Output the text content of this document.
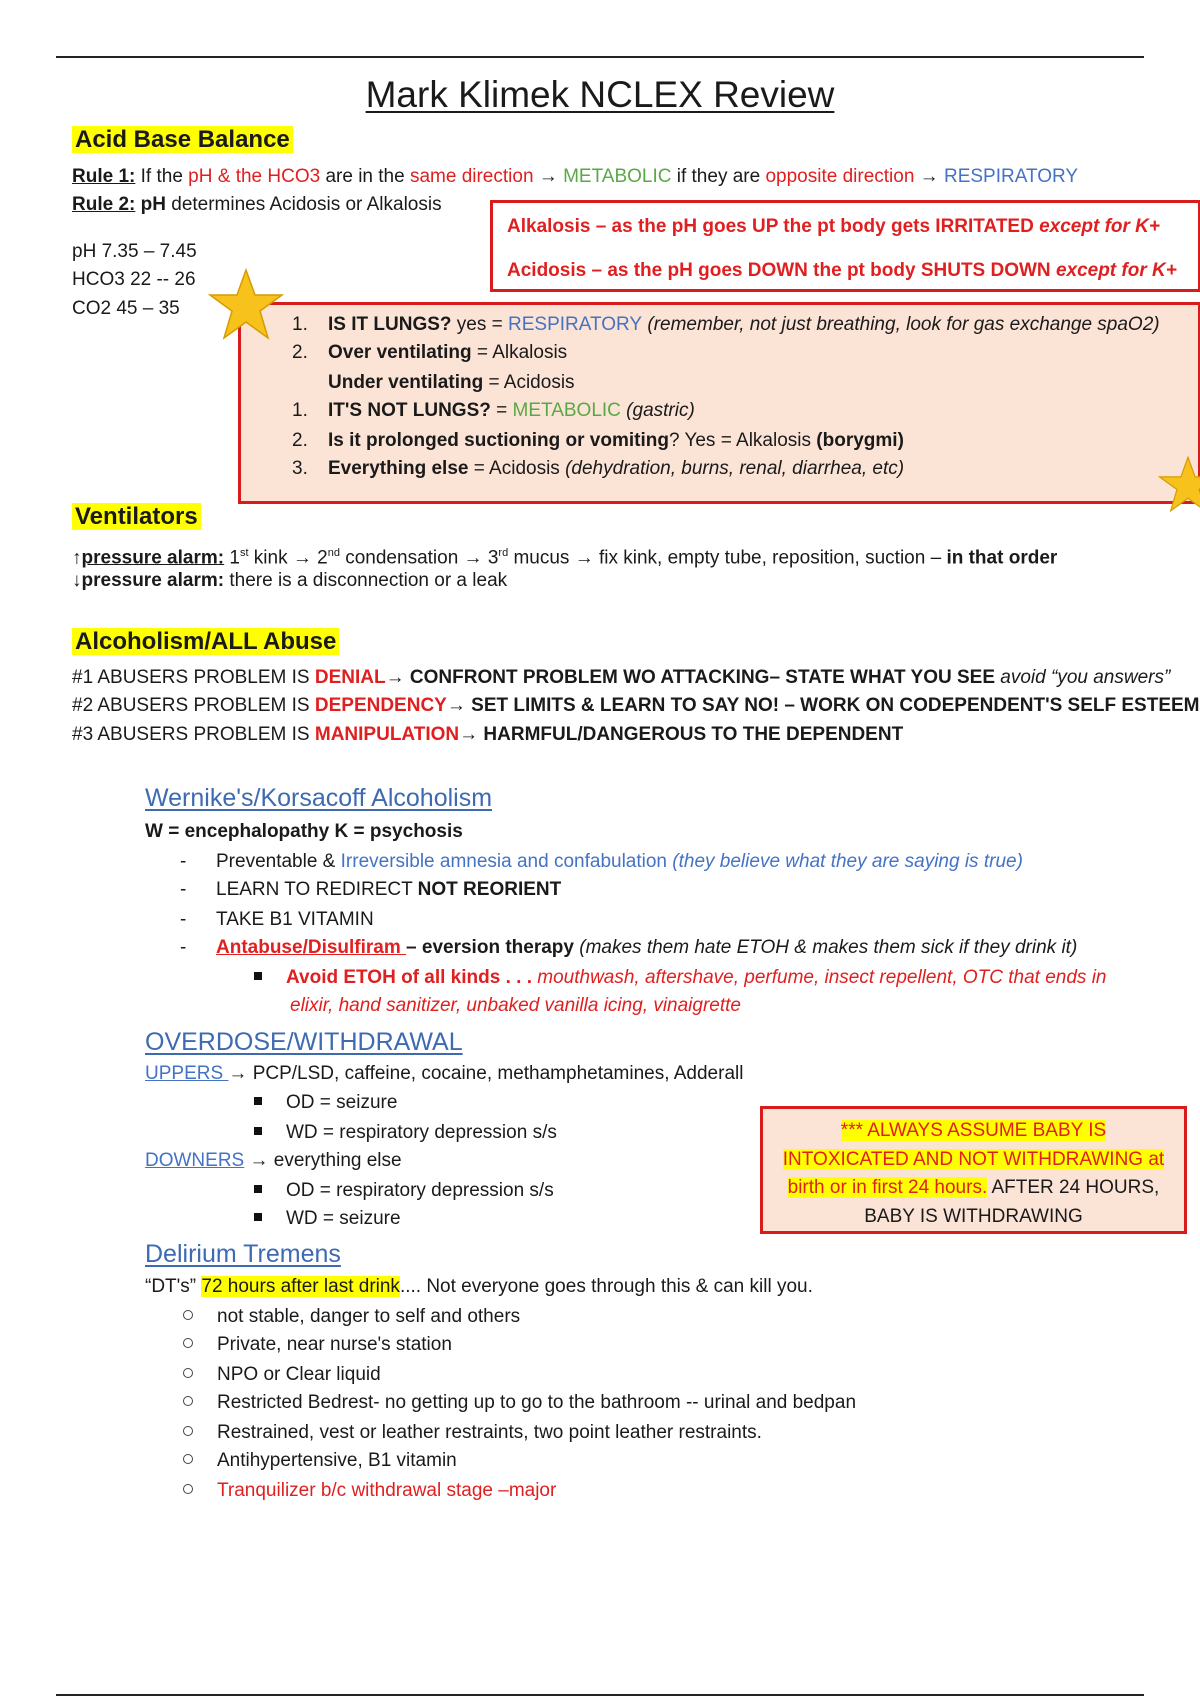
Mark Klimek NCLEX Review
Acid Base Balance
Rule 1: If the pH & the HCO3 are in the same direction → METABOLIC if they are opposite direction → RESPIRATORY
Rule 2: pH determines Acidosis or Alkalosis
pH 7.35 – 7.45
HCO3 22 -- 26
CO2 45 – 35
Alkalosis – as the pH goes UP the pt body gets IRRITATED except for K+
Acidosis – as the pH goes DOWN the pt body SHUTS DOWN except for K+
1. IS IT LUNGS? yes = RESPIRATORY (remember, not just breathing, look for gas exchange spaO2)
2. Over ventilating = Alkalosis
Under ventilating = Acidosis
1. IT'S NOT LUNGS? = METABOLIC (gastric)
2. Is it prolonged suctioning or vomiting? Yes = Alkalosis (borygmi)
3. Everything else = Acidosis (dehydration, burns, renal, diarrhea, etc)
Ventilators
↑pressure alarm: 1st kink → 2nd condensation → 3rd mucus → fix kink, empty tube, reposition, suction – in that order
↓pressure alarm: there is a disconnection or a leak
Alcoholism/ALL Abuse
#1 ABUSERS PROBLEM IS DENIAL→ CONFRONT PROBLEM WO ATTACKING– STATE WHAT YOU SEE avoid “you answers”
#2 ABUSERS PROBLEM IS DEPENDENCY→ SET LIMITS & LEARN TO SAY NO! – WORK ON CODEPENDENT'S SELF ESTEEM
#3 ABUSERS PROBLEM IS MANIPULATION→ HARMFUL/DANGEROUS TO THE DEPENDENT
Wernike's/Korsacoff Alcoholism
W = encephalopathy K = psychosis
- Preventable & Irreversible amnesia and confabulation (they believe what they are saying is true)
- LEARN TO REDIRECT NOT REORIENT
- TAKE B1 VITAMIN
- Antabuse/Disulfiram – eversion therapy (makes them hate ETOH & makes them sick if they drink it)
Avoid ETOH of all kinds . . . mouthwash, aftershave, perfume, insect repellent, OTC that ends in
elixir, hand sanitizer, unbaked vanilla icing, vinaigrette
OVERDOSE/WITHDRAWAL
UPPERS → PCP/LSD, caffeine, cocaine, methamphetamines, Adderall
OD = seizure
WD = respiratory depression s/s
DOWNERS → everything else
OD = respiratory depression s/s
WD = seizure
*** ALWAYS ASSUME BABY IS
INTOXICATED AND NOT WITHDRAWING at
birth or in first 24 hours. AFTER 24 HOURS,
BABY IS WITHDRAWING
Delirium Tremens
“DT's” 72 hours after last drink.... Not everyone goes through this & can kill you.
not stable, danger to self and others
Private, near nurse's station
NPO or Clear liquid
Restricted Bedrest- no getting up to go to the bathroom -- urinal and bedpan
Restrained, vest or leather restraints, two point leather restraints.
Antihypertensive, B1 vitamin
Tranquilizer b/c withdrawal stage –major
